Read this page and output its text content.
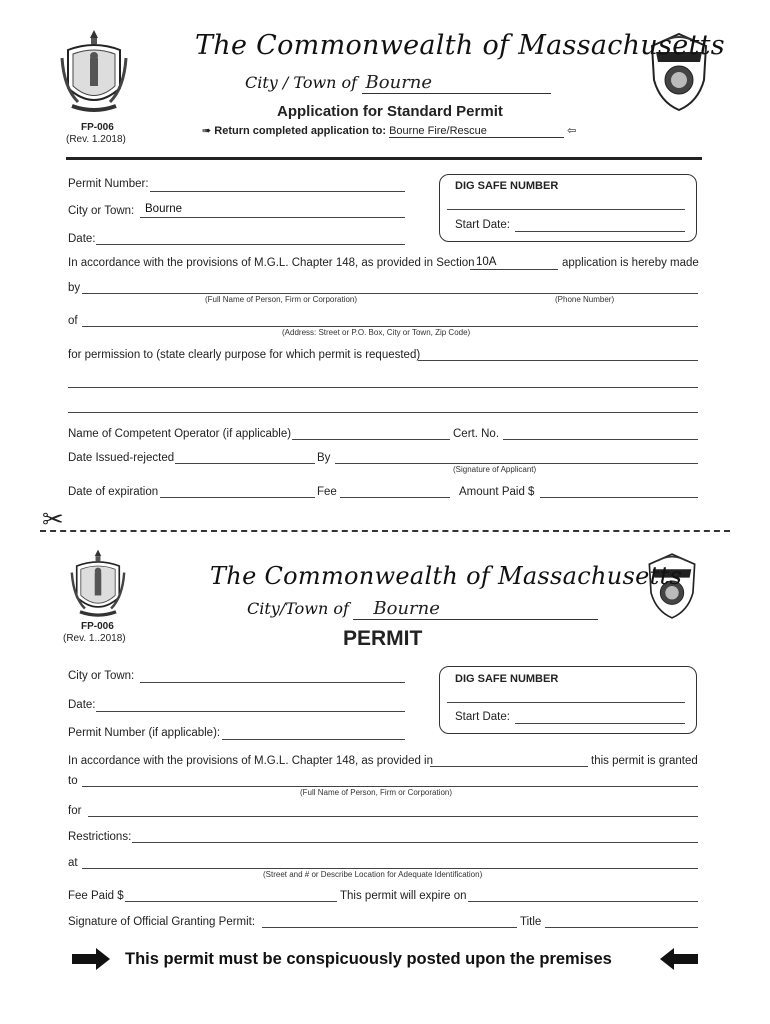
The Commonwealth of Massachusetts
City / Town of Bourne
Application for Standard Permit
FP-006
(Rev. 1.2018)
➠ Return completed application to: Bourne Fire/Rescue	⇦
Permit Number:
City or Town: Bourne
Date:
DIG SAFE NUMBER
Start Date:
In accordance with the provisions of M.G.L. Chapter 148, as provided in Section 10A	application is hereby made
by
(Full Name of Person, Firm or Corporation)	(Phone Number)
of
(Address: Street or P.O. Box, City or Town, Zip Code)
for permission to (state clearly purpose for which permit is requested)
Name of Competent Operator (if applicable)	Cert. No.
Date Issued-rejected	By
(Signature of Applicant)
Date of expiration	Fee	Amount Paid $
✂
The Commonwealth of Massachusetts
City/Town of Bourne
FP-006
(Rev. 1..2018)	PERMIT
City or Town:
Date:
Permit Number (if applicable):
DIG SAFE NUMBER
Start Date:
In accordance with the provisions of M.G.L. Chapter 148, as provided in	this permit is granted
to
(Full Name of Person, Firm or Corporation)
for
Restrictions:
at
(Street and # or Describe Location for Adequate Identification)
Fee Paid $	This permit will expire on
Signature of Official Granting Permit:	Title
This permit must be conspicuously posted upon the premises
